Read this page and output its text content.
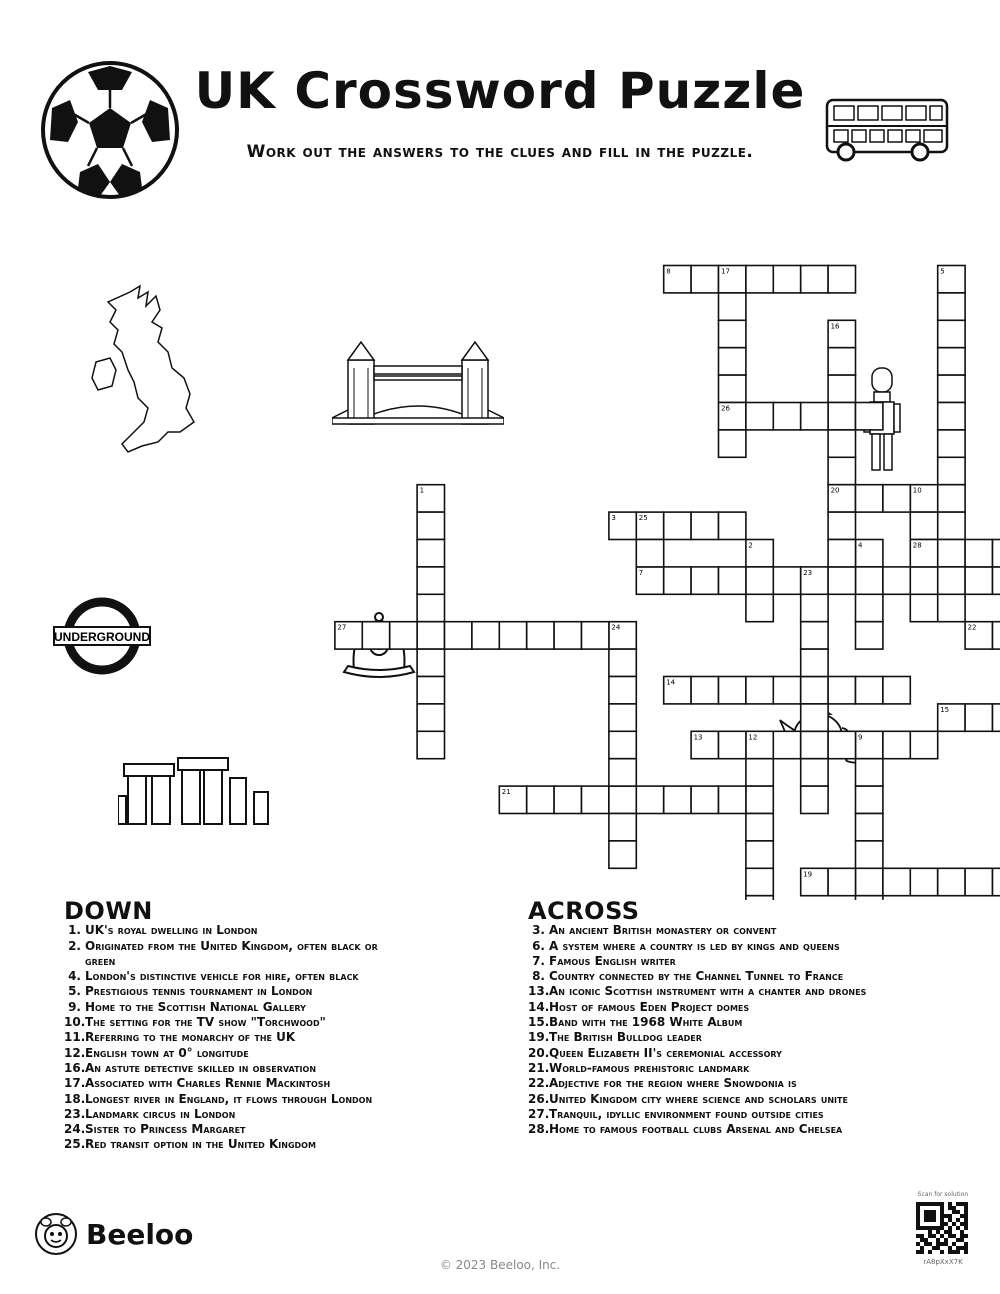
UK Crossword Puzzle
Work out the answers to the clues and fill in the puzzle.
UNDERGROUND
1
2
3
4
5
7
8
9
10
12
13
14
15
16
17
19
20
21
22
23
24
25
26
27
28
DOWN
1. UK's royal dwelling in London
2. Originated from the United Kingdom, often black or green
4. London's distinctive vehicle for hire, often black
5. Prestigious tennis tournament in London
9. Home to the Scottish National Gallery
10. The setting for the TV show "Torchwood"
11. Referring to the monarchy of the UK
12. English town at 0° longitude
16. An astute detective skilled in observation
17. Associated with Charles Rennie Mackintosh
18. Longest river in England, it flows through London
23. Landmark circus in London
24. Sister to Princess Margaret
25. Red transit option in the United Kingdom
ACROSS
3. An ancient British monastery or convent
6. A system where a country is led by kings and queens
7. Famous English writer
8. Country connected by the Channel Tunnel to France
13. An iconic Scottish instrument with a chanter and drones
14. Host of famous Eden Project domes
15. Band with the 1968 White Album
19. The British Bulldog leader
20. Queen Elizabeth II's ceremonial accessory
21. World-famous prehistoric landmark
22. Adjective for the region where Snowdonia is
26. United Kingdom city where science and scholars unite
27. Tranquil, idyllic environment found outside cities
28. Home to famous football clubs Arsenal and Chelsea
Beeloo
© 2023 Beeloo, Inc.
Scan for solution
rA8pXxX7K
